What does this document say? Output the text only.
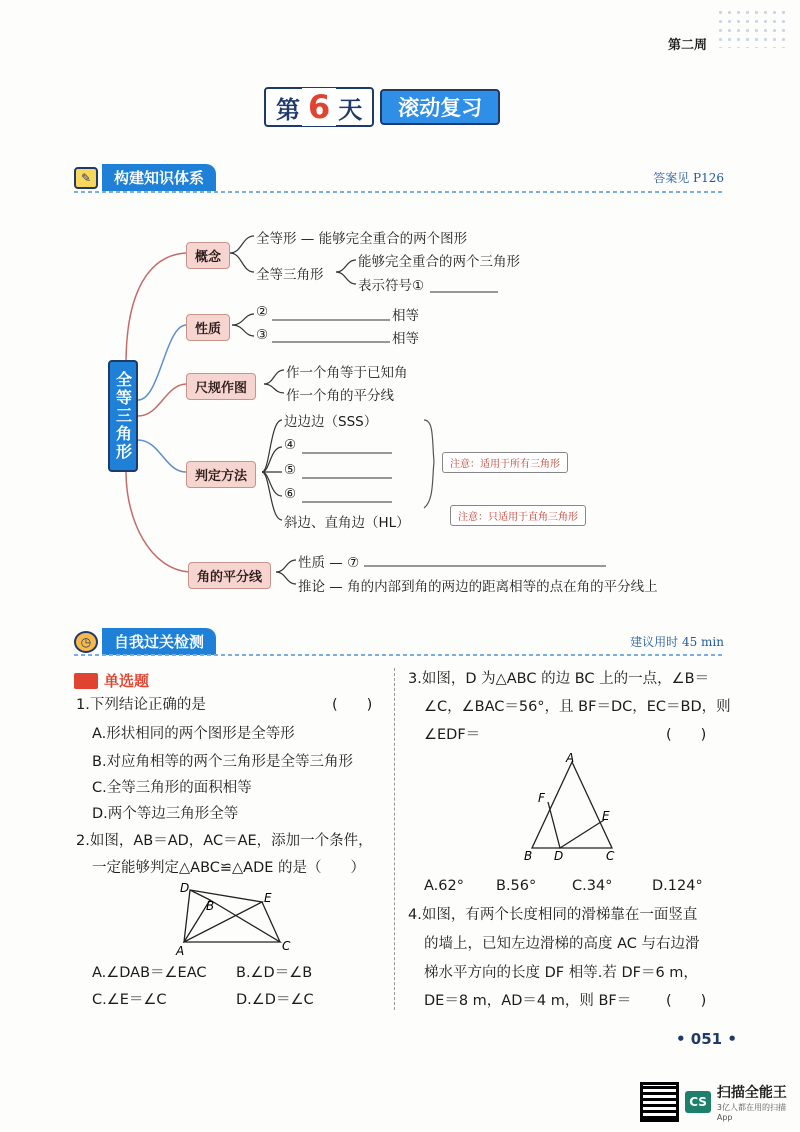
第二周
第 6 天	滚动复习
✎	构建知识体系	答案见 P126
全等三角形
概念
全等形 — 能够完全重合的两个图形
全等三角形
能够完全重合的两个三角形
表示符号①
性质
②	相等
③	相等
尺规作图
作一个角等于已知角
作一个角的平分线
判定方法
边边边（SSS）
④
⑤
⑥
斜边、直角边（HL）
注意：适用于所有三角形
注意：只适用于直角三角形
角的平分线
性质 — ⑦
推论 — 角的内部到角的两边的距离相等的点在角的平分线上
◷	自我过关检测	建议用时 45 min
单选题
1.下列结论正确的是	(　　)
A.形状相同的两个图形是全等形
B.对应角相等的两个三角形是全等三角形
C.全等三角形的面积相等
D.两个等边三角形全等
2.如图，AB＝AD，AC＝AE，添加一个条件，
一定能够判定△ABC≌△ADE 的是（　　）
D
B
E
A	C
A.∠DAB＝∠EAC B.∠D＝∠B
C.∠E＝∠C	D.∠D＝∠C
3.如图，D 为△ABC 的边 BC 上的一点，∠B＝
∠C，∠BAC＝56°，且 BF＝DC，EC＝BD，则
∠EDF＝	(　　)
A
F
E
B D	C
A.62° B.56° C.34°	D.124°
4.如图，有两个长度相同的滑梯靠在一面竖直
的墙上，已知左边滑梯的高度 AC 与右边滑
梯水平方向的长度 DF 相等.若 DF＝6 m，
DE＝8 m，AD＝4 m，则 BF＝ (　　)
• 051 •
CS
扫描全能王
3亿人都在用的扫描App
